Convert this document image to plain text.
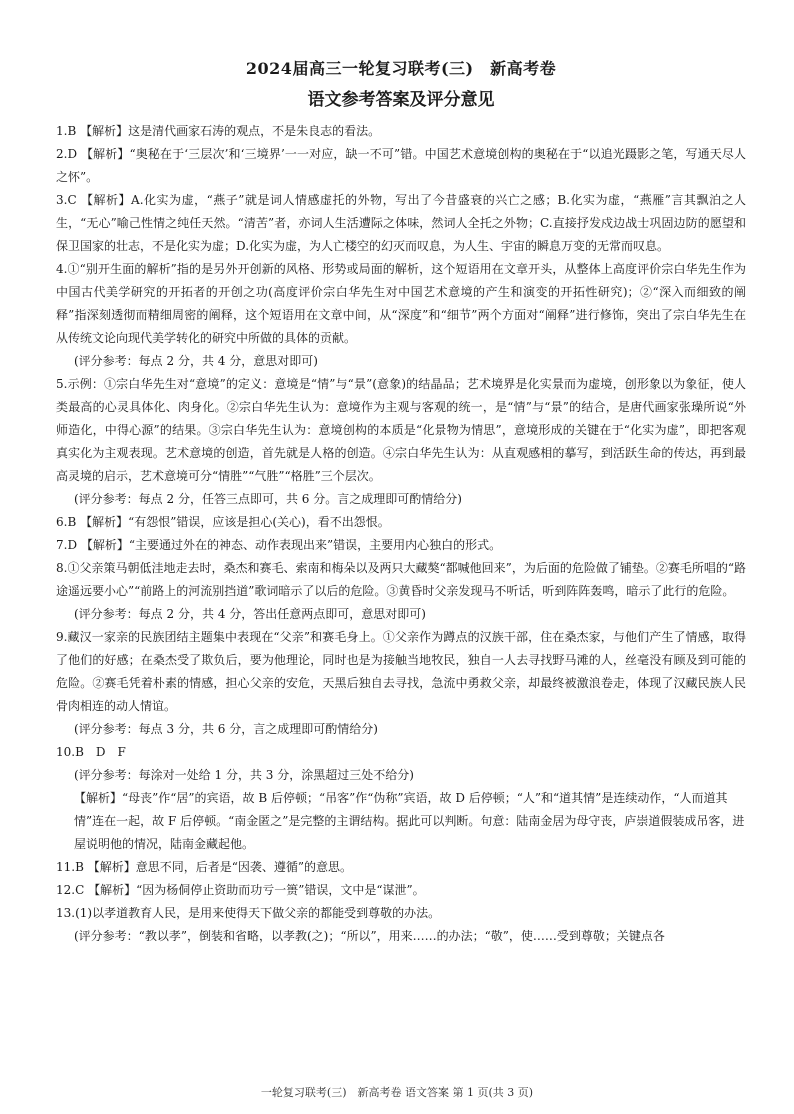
2024届高三一轮复习联考(三)　新高考卷
语文参考答案及评分意见

1.B 【解析】这是清代画家石涛的观点，不是朱良志的看法。

2.D 【解析】“奥秘在于‘三层次’和‘三境界’一一对应，缺一不可”错。中国艺术意境创构的奥秘在于“以追光蹑影之笔，写通天尽人之怀”。

3.C 【解析】A.化实为虚，“燕子”就是词人情感虚托的外物，写出了今昔盛衰的兴亡之感；B.化实为虚，“燕雁”言其飘泊之人生，“无心”喻己性情之纯任天然。“清苦”者，亦词人生活遭际之体味，然词人全托之外物；C.直接抒发戍边战士巩固边防的愿望和保卫国家的壮志，不是化实为虚；D.化实为虚，为人亡楼空的幻灭而叹息，为人生、宇宙的瞬息万变的无常而叹息。

4.①“别开生面的解析”指的是另外开创新的风格、形势或局面的解析，这个短语用在文章开头，从整体上高度评价宗白华先生作为中国古代美学研究的开拓者的开创之功(高度评价宗白华先生对中国艺术意境的产生和演变的开拓性研究)；②“深入而细致的阐释”指深刻透彻而精细周密的阐释，这个短语用在文章中间，从“深度”和“细节”两个方面对“阐释”进行修饰，突出了宗白华先生在从传统文论向现代美学转化的研究中所做的具体的贡献。

(评分参考：每点 2 分，共 4 分，意思对即可)

5.示例：①宗白华先生对“意境”的定义：意境是“情”与“景”(意象)的结晶品；艺术境界是化实景而为虚境，创形象以为象征，使人类最高的心灵具体化、肉身化。②宗白华先生认为：意境作为主观与客观的统一，是“情”与“景”的结合，是唐代画家张璪所说“外师造化，中得心源”的结果。③宗白华先生认为：意境创构的本质是“化景物为情思”，意境形成的关键在于“化实为虚”，即把客观真实化为主观表现。艺术意境的创造，首先就是人格的创造。④宗白华先生认为：从直观感相的摹写，到活跃生命的传达，再到最高灵境的启示，艺术意境可分“情胜”“气胜”“格胜”三个层次。

(评分参考：每点 2 分，任答三点即可，共 6 分。言之成理即可酌情给分)

6.B 【解析】“有怨恨”错误，应该是担心(关心)，看不出怨恨。

7.D 【解析】“主要通过外在的神态、动作表现出来”错误，主要用内心独白的形式。

8.①父亲策马朝低洼地走去时，桑杰和赛毛、索南和梅朵以及两只大藏獒“都喊他回来”，为后面的危险做了铺垫。②赛毛所唱的“路途遥远要小心”“前路上的河流别挡道”歌词暗示了以后的危险。③黄昏时父亲发现马不听话，听到阵阵轰鸣，暗示了此行的危险。

(评分参考：每点 2 分，共 4 分，答出任意两点即可，意思对即可)

9.藏汉一家亲的民族团结主题集中表现在“父亲”和赛毛身上。①父亲作为蹲点的汉族干部，住在桑杰家，与他们产生了情感，取得了他们的好感；在桑杰受了欺负后，要为他理论，同时也是为接触当地牧民，独自一人去寻找野马滩的人，丝毫没有顾及到可能的危险。②赛毛凭着朴素的情感，担心父亲的安危，天黑后独自去寻找，急流中勇救父亲，却最终被激浪卷走，体现了汉藏民族人民骨肉相连的动人情谊。

(评分参考：每点 3 分，共 6 分，言之成理即可酌情给分)

10.B　D　F

(评分参考：每涂对一处给 1 分，共 3 分，涂黑超过三处不给分)

【解析】“母丧”作“居”的宾语，故 B 后停顿；“吊客”作“伪称”宾语，故 D 后停顿；“人”和“道其情”是连续动作，“人而道其情”连在一起，故 F 后停顿。“南金匿之”是完整的主谓结构。据此可以判断。句意：陆南金居为母守丧，庐崇道假装成吊客，进屋说明他的情况，陆南金藏起他。

11.B 【解析】意思不同，后者是“因袭、遵循”的意思。

12.C 【解析】“因为杨侗停止资助而功亏一篑”错误，文中是“谋泄”。

13.(1)以孝道教育人民，是用来使得天下做父亲的都能受到尊敬的办法。

(评分参考：“教以孝”，倒装和省略，以孝教(之)；“所以”，用来……的办法；“敬”，使……受到尊敬；关键点各

一轮复习联考(三)　新高考卷 语文答案 第 1 页(共 3 页)
